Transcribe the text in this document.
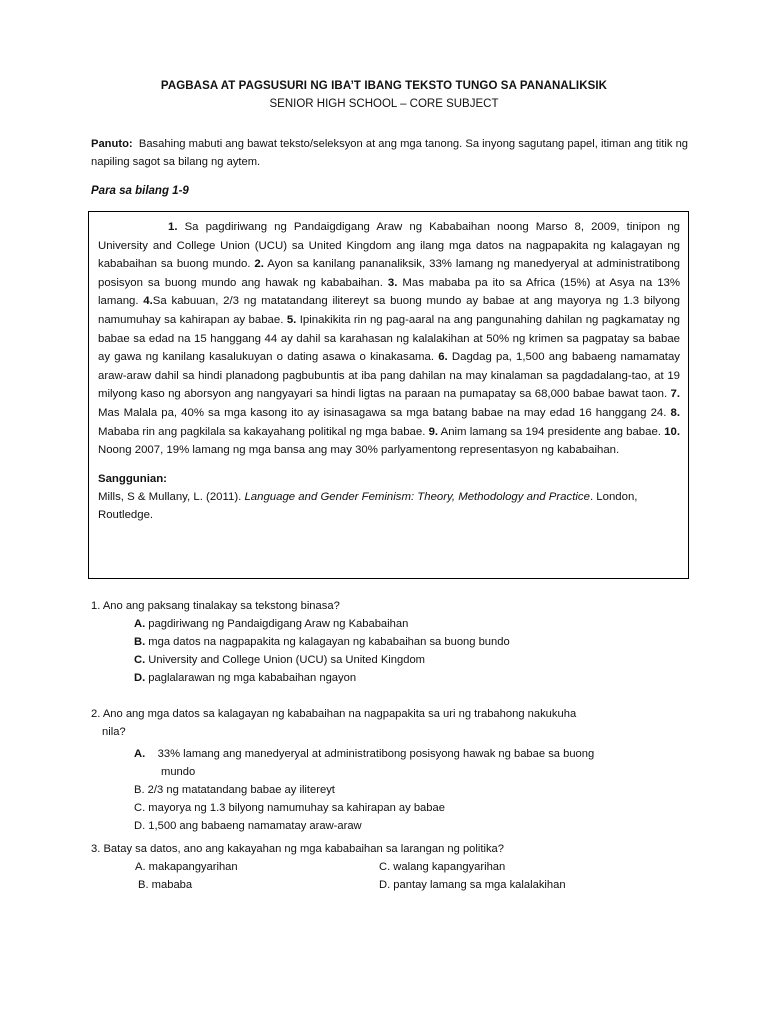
PAGBASA AT PAGSUSURI NG IBA’T IBANG TEKSTO TUNGO SA PANANALIKSIK
SENIOR HIGH SCHOOL – CORE SUBJECT
Panuto: Basahing mabuti ang bawat teksto/seleksyon at ang mga tanong. Sa inyong sagutang papel, itiman ang titik ng napiling sagot sa bilang ng aytem.
Para sa bilang 1-9

1. Sa pagdiriwang ng Pandaigdigang Araw ng Kababaihan noong Marso 8, 2009, tinipon ng University and College Union (UCU) sa United Kingdom ang ilang mga datos na nagpapakita ng kalagayan ng kababaihan sa buong mundo. 2. Ayon sa kanilang pananaliksik, 33% lamang ng manedyeryal at administratibong posisyon sa buong mundo ang hawak ng kababaihan. 3. Mas mababa pa ito sa Africa (15%) at Asya na 13% lamang. 4.Sa kabuuan, 2/3 ng matatandang ilitereyt sa buong mundo ay babae at ang mayorya ng 1.3 bilyong namumuhay sa kahirapan ay babae. 5. Ipinakikita rin ng pag-aaral na ang pangunahing dahilan ng pagkamatay ng babae sa edad na 15 hanggang 44 ay dahil sa karahasan ng kalalakihan at 50% ng krimen sa pagpatay sa babae ay gawa ng kanilang kasalukuyan o dating asawa o kinakasama. 6. Dagdag pa, 1,500 ang babaeng namamatay araw-araw dahil sa hindi planadong pagbubuntis at iba pang dahilan na may kinalaman sa pagdadalang-tao, at 19 milyong kaso ng aborsyon ang nangyayari sa hindi ligtas na paraan na pumapatay sa 68,000 babae bawat taon. 7. Mas Malala pa, 40% sa mga kasong ito ay isinasagawa sa mga batang babae na may edad 16 hanggang 24. 8. Mababa rin ang pagkilala sa kakayahang politikal ng mga babae. 9. Anim lamang sa 194 presidente ang babae. 10. Noong 2007, 19% lamang ng mga bansa ang may 30% parlyamentong representasyon ng kababaihan.

Sanggunian:
Mills, S & Mullany, L. (2011). Language and Gender Feminism: Theory, Methodology and Practice. London, Routledge.

1. Ano ang paksang tinalakay sa tekstong binasa?

A. pagdiriwang ng Pandaigdigang Araw ng Kababaihan
B. mga datos na nagpapakita ng kalagayan ng kababaihan sa buong bundo
C. University and College Union (UCU) sa United Kingdom
D. paglalarawan ng mga kababaihan ngayon

2. Ano ang mga datos sa kalagayan ng kababaihan na nagpapakita sa uri ng trabahong nakukuha
nila?

A. 33% lamang ang manedyeryal at administratibong posisyong hawak ng babae sa buong
mundo
B. 2/3 ng matatandang babae ay ilitereyt
C. mayorya ng 1.3 bilyong namumuhay sa kahirapan ay babae
D. 1,500 ang babaeng namamatay araw-araw

3. Batay sa datos, ano ang kakayahan ng mga kababaihan sa larangan ng politika?

A. makapangyarihan	C. walang kapangyarihan
B. mababa	D. pantay lamang sa mga kalalakihan
